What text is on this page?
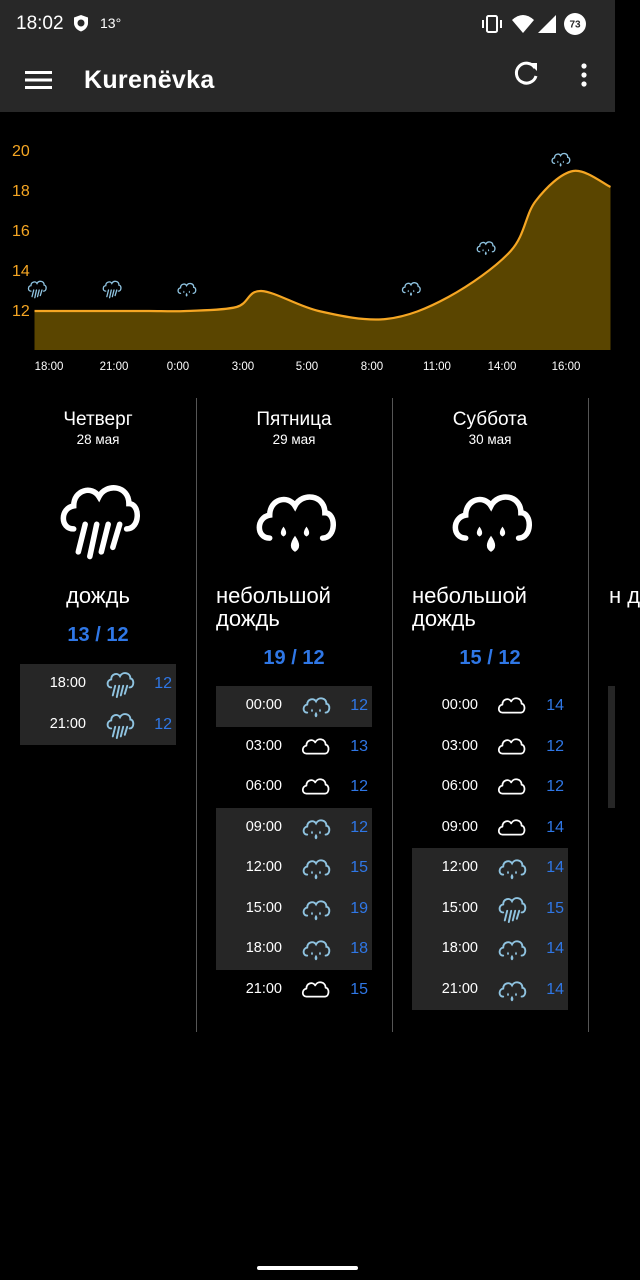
18:02	13°	73
Kurenёvka
20
18
16
14
12
18:00	21:00	0:00	3:00	5:00	8:00	11:00	14:00	16:00
н д
Четверг
28 мая
дождь
13 / 12
18:00	12
21:00	12
Пятница
29 мая
небольшой дождь
19 / 12
00:00	12
03:00	13
06:00	12
09:00	12
12:00	15
15:00	19
18:00	18
21:00	15
Суббота
30 мая
небольшой дождь
15 / 12
00:00	14
03:00	12
06:00	12
09:00	14
12:00	14
15:00	15
18:00	14
21:00	14
